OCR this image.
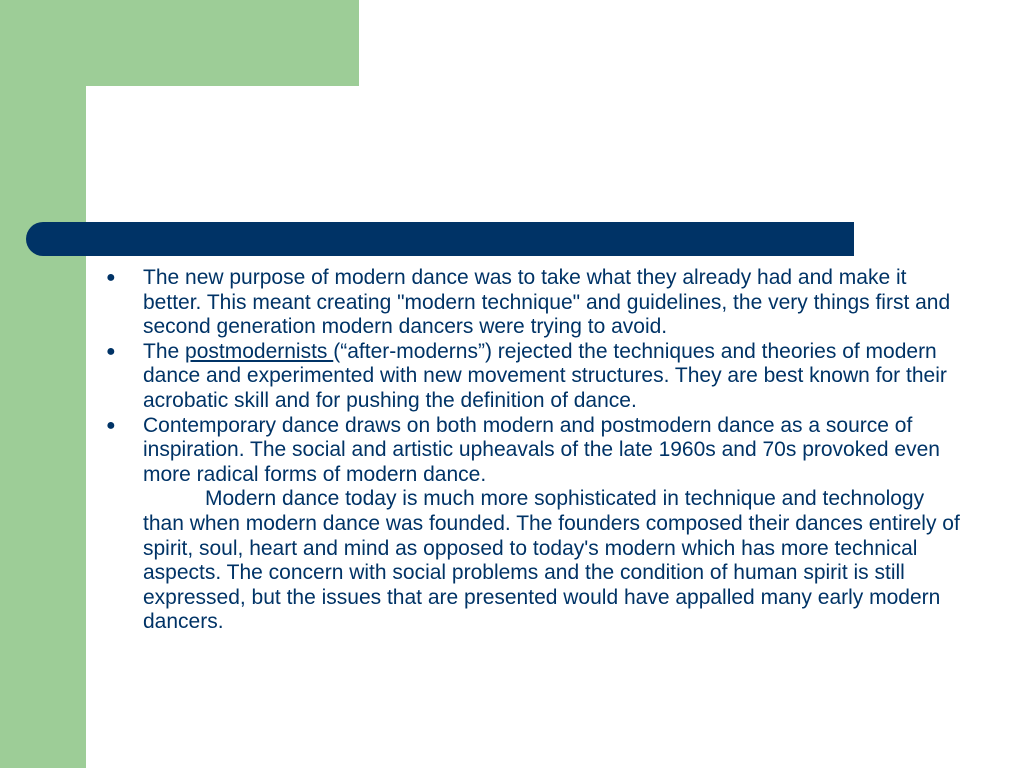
● The new purpose of modern dance was to take what they already had and make it better. This meant creating "modern technique" and guidelines, the very things first and second generation modern dancers were trying to avoid.
● The postmodernists (“after-moderns”) rejected the techniques and theories of modern dance and experimented with new movement structures. They are best known for their acrobatic skill and for pushing the definition of dance.
● Contemporary dance draws on both modern and postmodern dance as a source of inspiration. The social and artistic upheavals of the late 1960s and 70s provoked even more radical forms of modern dance.
Modern dance today is much more sophisticated in technique and technology than when modern dance was founded. The founders composed their dances entirely of spirit, soul, heart and mind as opposed to today's modern which has more technical aspects. The concern with social problems and the condition of human spirit is still expressed, but the issues that are presented would have appalled many early modern dancers.
